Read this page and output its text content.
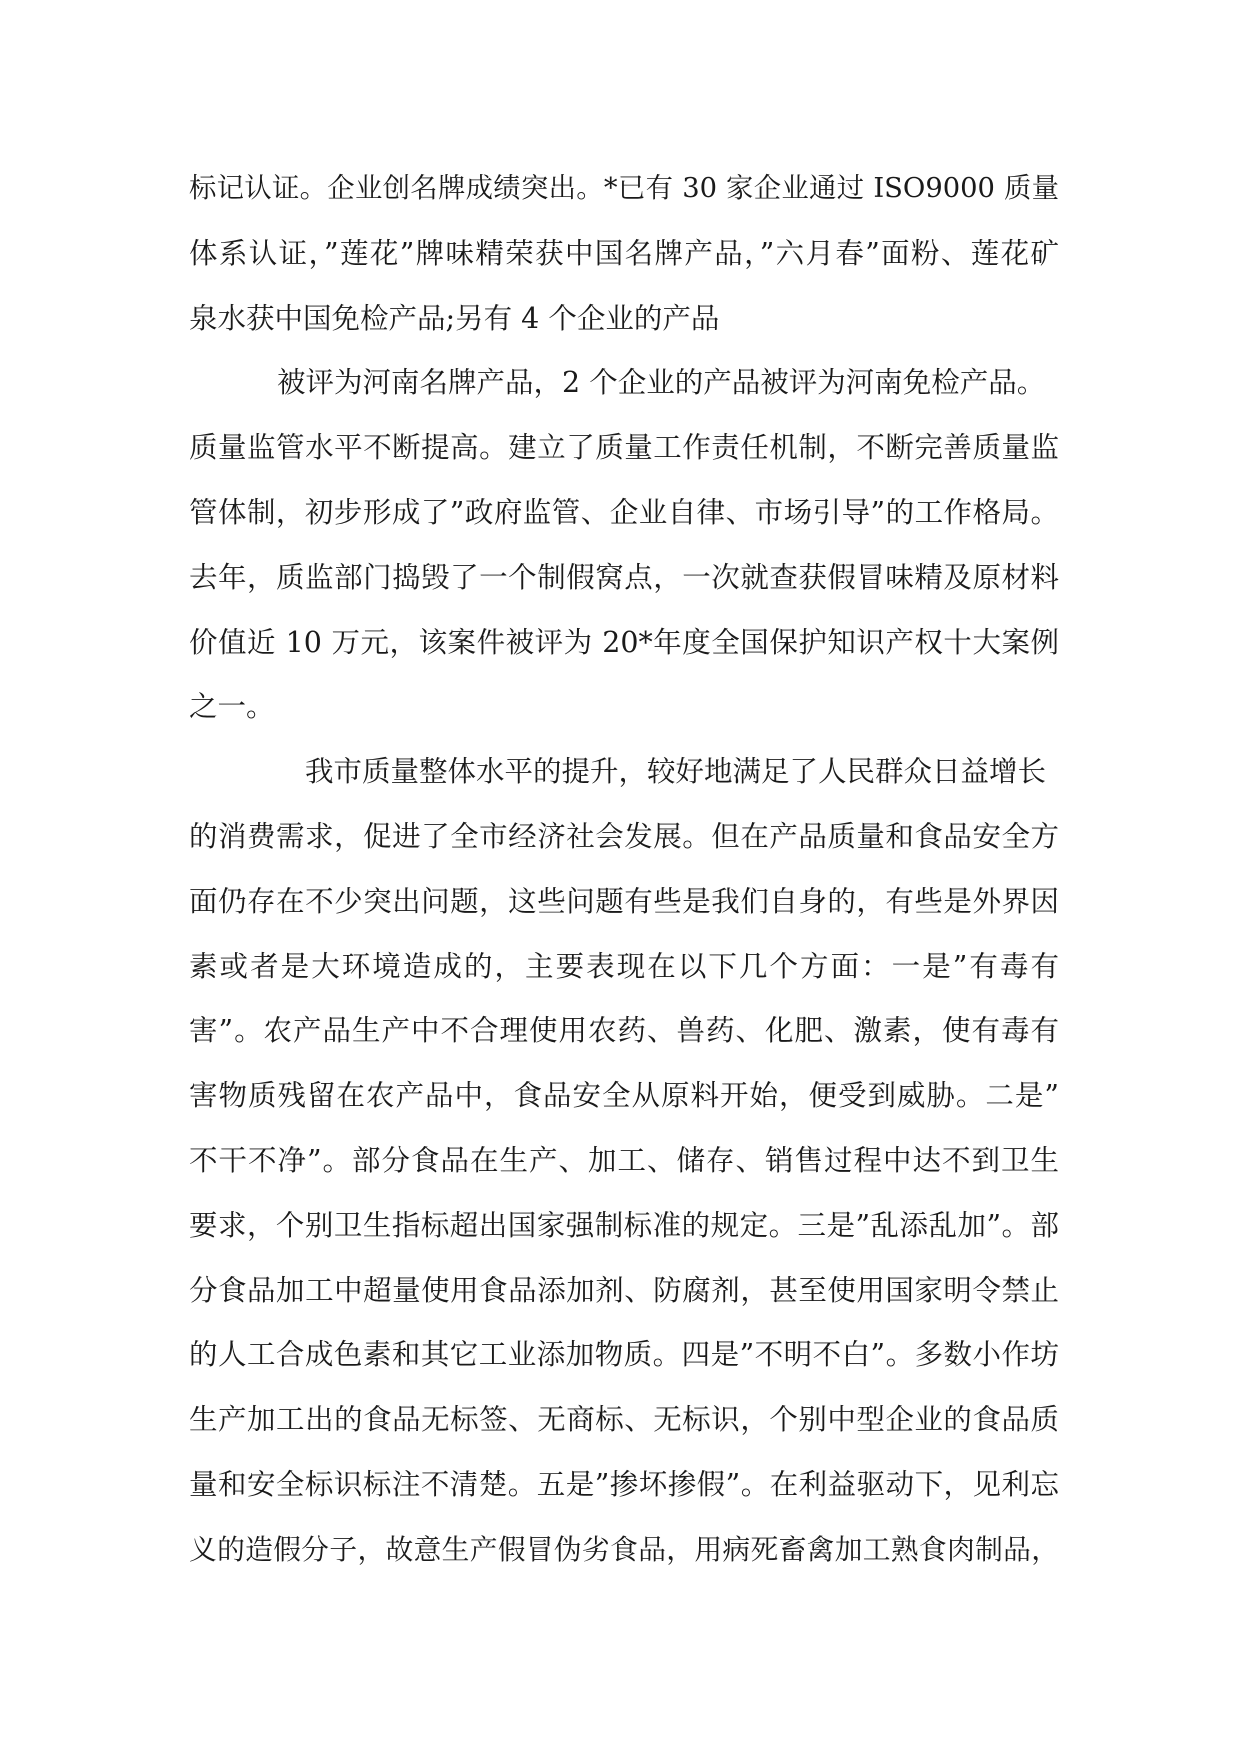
标记认证。企业创名牌成绩突出。*已有 30 家企业通过 ISO9000 质量
体系认证，”莲花”牌味精荣获中国名牌产品，”六月春”面粉、莲花矿
泉水获中国免检产品;另有 4 个企业的产品
被评为河南名牌产品，2 个企业的产品被评为河南免检产品。
质量监管水平不断提高。建立了质量工作责任机制，不断完善质量监
管体制，初步形成了”政府监管、企业自律、市场引导”的工作格局。
去年，质监部门捣毁了一个制假窝点，一次就查获假冒味精及原材料
价值近 10 万元，该案件被评为 20*年度全国保护知识产权十大案例
之一。
我市质量整体水平的提升，较好地满足了人民群众日益增长
的消费需求，促进了全市经济社会发展。但在产品质量和食品安全方
面仍存在不少突出问题，这些问题有些是我们自身的，有些是外界因
素或者是大环境造成的，主要表现在以下几个方面：一是”有毒有
害”。农产品生产中不合理使用农药、兽药、化肥、激素，使有毒有
害物质残留在农产品中，食品安全从原料开始，便受到威胁。二是”
不干不净”。部分食品在生产、加工、储存、销售过程中达不到卫生
要求，个别卫生指标超出国家强制标准的规定。三是”乱添乱加”。部
分食品加工中超量使用食品添加剂、防腐剂，甚至使用国家明令禁止
的人工合成色素和其它工业添加物质。四是”不明不白”。多数小作坊
生产加工出的食品无标签、无商标、无标识，个别中型企业的食品质
量和安全标识标注不清楚。五是”掺坏掺假”。在利益驱动下，见利忘
义的造假分子，故意生产假冒伪劣食品，用病死畜禽加工熟食肉制品，
